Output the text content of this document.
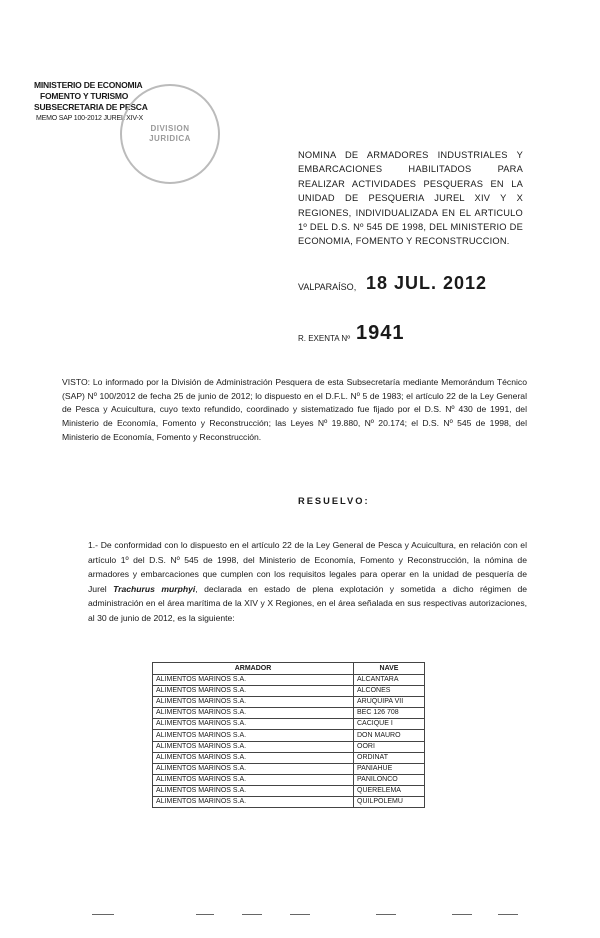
MINISTERIO DE ECONOMIA
FOMENTO Y TURISMO
SUBSECRETARIA DE PESCA
MEMO SAP 100-2012 JUREL XIV-X
DIVISION
JURIDICA
NOMINA DE ARMADORES INDUSTRIALES Y EMBARCACIONES HABILITADOS PARA REALIZAR ACTIVIDADES PESQUERAS EN LA UNIDAD DE PESQUERIA JUREL XIV Y X REGIONES, INDIVIDUALIZADA EN EL ARTICULO 1º DEL D.S. Nº 545 DE 1998, DEL MINISTERIO DE ECONOMIA, FOMENTO Y RECONSTRUCCION.
VALPARAÍSO, 18 JUL. 2012
R. EXENTA Nº 1941
VISTO: Lo informado por la División de Administración Pesquera de esta Subsecretaría mediante Memorándum Técnico (SAP) Nº 100/2012 de fecha 25 de junio de 2012; lo dispuesto en el D.F.L. Nº 5 de 1983; el artículo 22 de la Ley General de Pesca y Acuicultura, cuyo texto refundido, coordinado y sistematizado fue fijado por el D.S. Nº 430 de 1991, del Ministerio de Economía, Fomento y Reconstrucción; las Leyes Nº 19.880, Nº 20.174; el D.S. Nº 545 de 1998, del Ministerio de Economía, Fomento y Reconstrucción.
RESUELVO:
1.- De conformidad con lo dispuesto en el artículo 22 de la Ley General de Pesca y Acuicultura, en relación con el artículo 1º del D.S. Nº 545 de 1998, del Ministerio de Economía, Fomento y Reconstrucción, la nómina de armadores y embarcaciones que cumplen con los requisitos legales para operar en la unidad de pesquería de Jurel Trachurus murphyi, declarada en estado de plena explotación y sometida a dicho régimen de administración en el área marítima de la XIV y X Regiones, en el área señalada en sus respectivas autorizaciones, al 30 de junio de 2012, es la siguiente:
ARMADOR	NAVE
ALIMENTOS MARINOS S.A.	ALCANTARA
ALIMENTOS MARINOS S.A.	ALCONES
ALIMENTOS MARINOS S.A.	ARUQUIPA VII
ALIMENTOS MARINOS S.A.	BEC 126 708
ALIMENTOS MARINOS S.A.	CACIQUE I
ALIMENTOS MARINOS S.A.	DON MAURO
ALIMENTOS MARINOS S.A.	OORI
ALIMENTOS MARINOS S.A.	ORDINAT
ALIMENTOS MARINOS S.A.	PANIAHUE
ALIMENTOS MARINOS S.A.	PANILONCO
ALIMENTOS MARINOS S.A.	QUERELEMA
ALIMENTOS MARINOS S.A.	QUILPOLEMU
